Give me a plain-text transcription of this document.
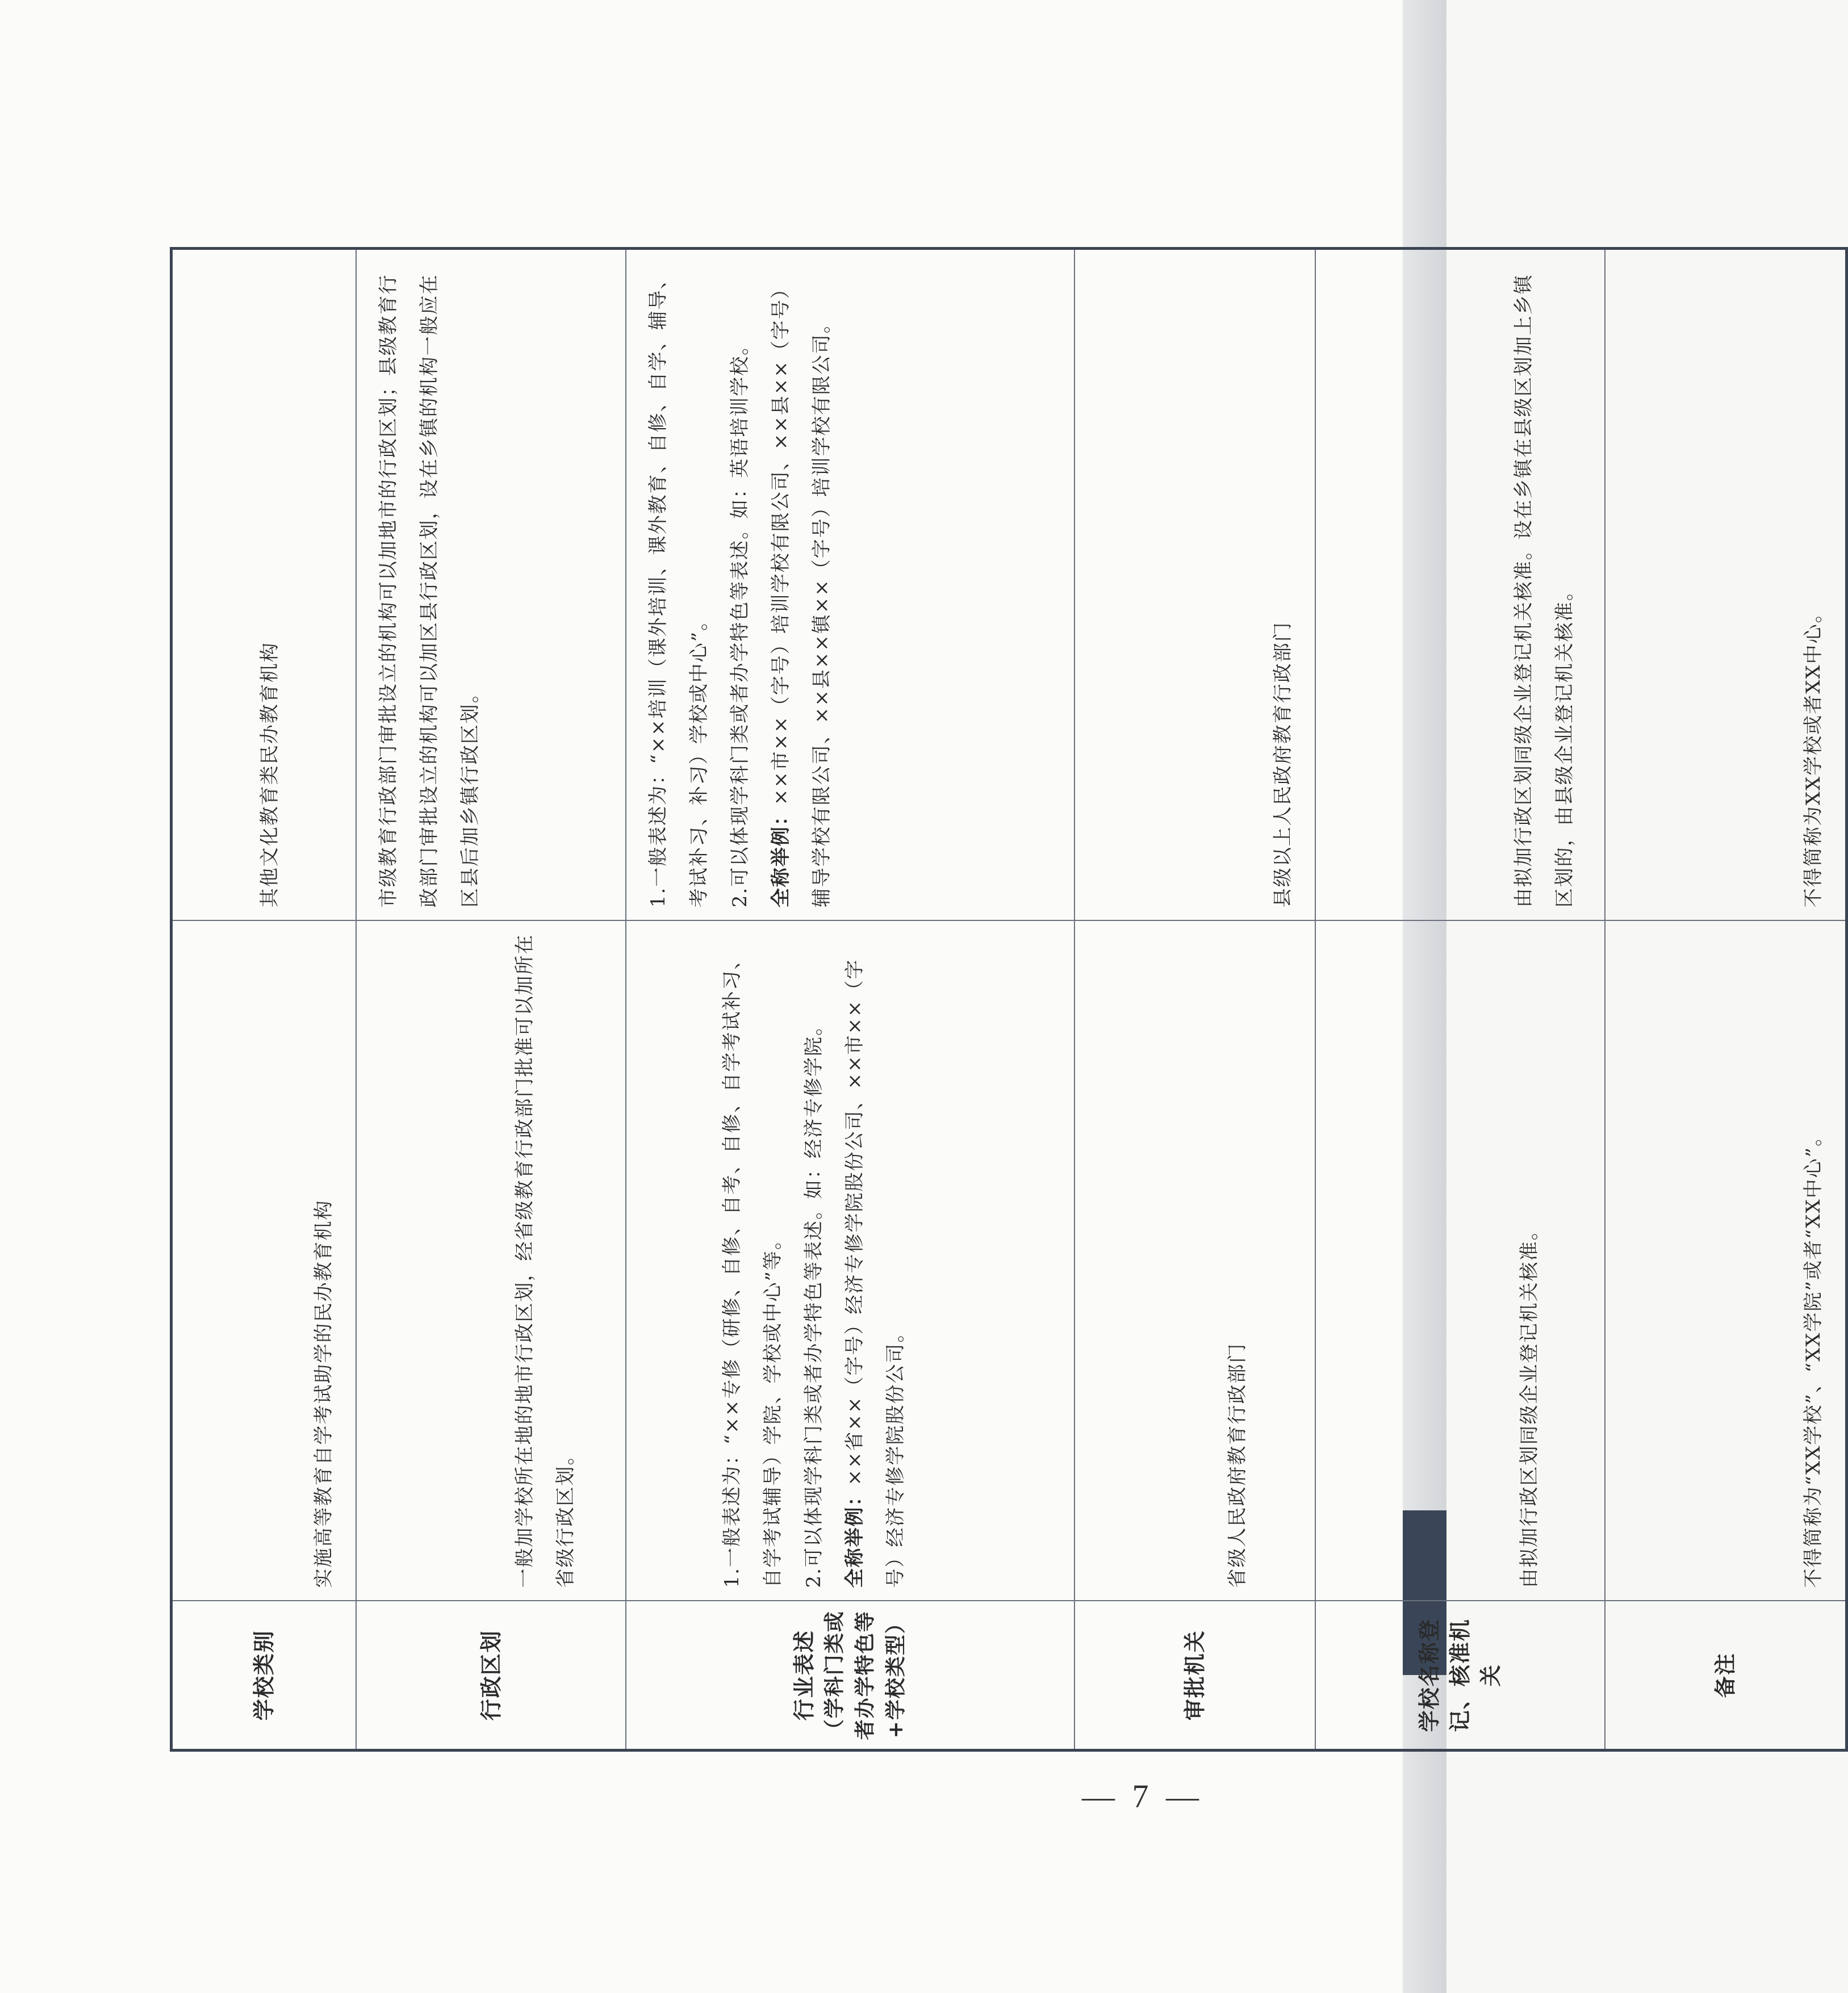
学校类别	实施高等教育自学考试助学的民办教育机构	其他文化教育类民办教育机构
行政区划	一般加学校所在地的地市行政区划，经省级教育行政部门批准可以加所在省级行政区划。	市级教育行政部门审批设立的机构可以加地市的行政区划；县级教育行政部门审批设立的机构可以加区县行政区划，设在乡镇的机构一般应在区县后加乡镇行政区划。

行业表述 （学科门类或者办学特色等+学校类型）	1.一般表述为：“××专修（研修、自修、自考、自修、自学考试补习、自学考试辅导）学院、学校或中心”等。 2.可以体现学科门类或者办学特色等表述。如：经济专修学院。 全称举例：××省××（字号）经济专修学院股份公司、××市××（字号）经济专修学院股份公司。	1.一般表述为：“××培训（课外培训、课外教育、自修、自学、辅导、考试补习、补习）学校或中心”。 2.可以体现学科门类或者办学特色等表述。如：英语培训学校。 全称举例：××市××（字号）培训学校有限公司、××县××（字号）辅导学校有限公司、××县××镇××（字号）培训学校有限公司。

审批机关	省级人民政府教育行政部门	县级以上人民政府教育行政部门
学校名称登记、核准机关	由拟加行政区划同级企业登记机关核准。	由拟加行政区划同级企业登记机关核准。设在乡镇在县级区划加上乡镇区划的，由县级企业登记机关核准。
备注	不得简称为“XX学校”、“XX学院”或者“XX中心”。	不得简称为XX学校或者XX中心。
— 7 —
